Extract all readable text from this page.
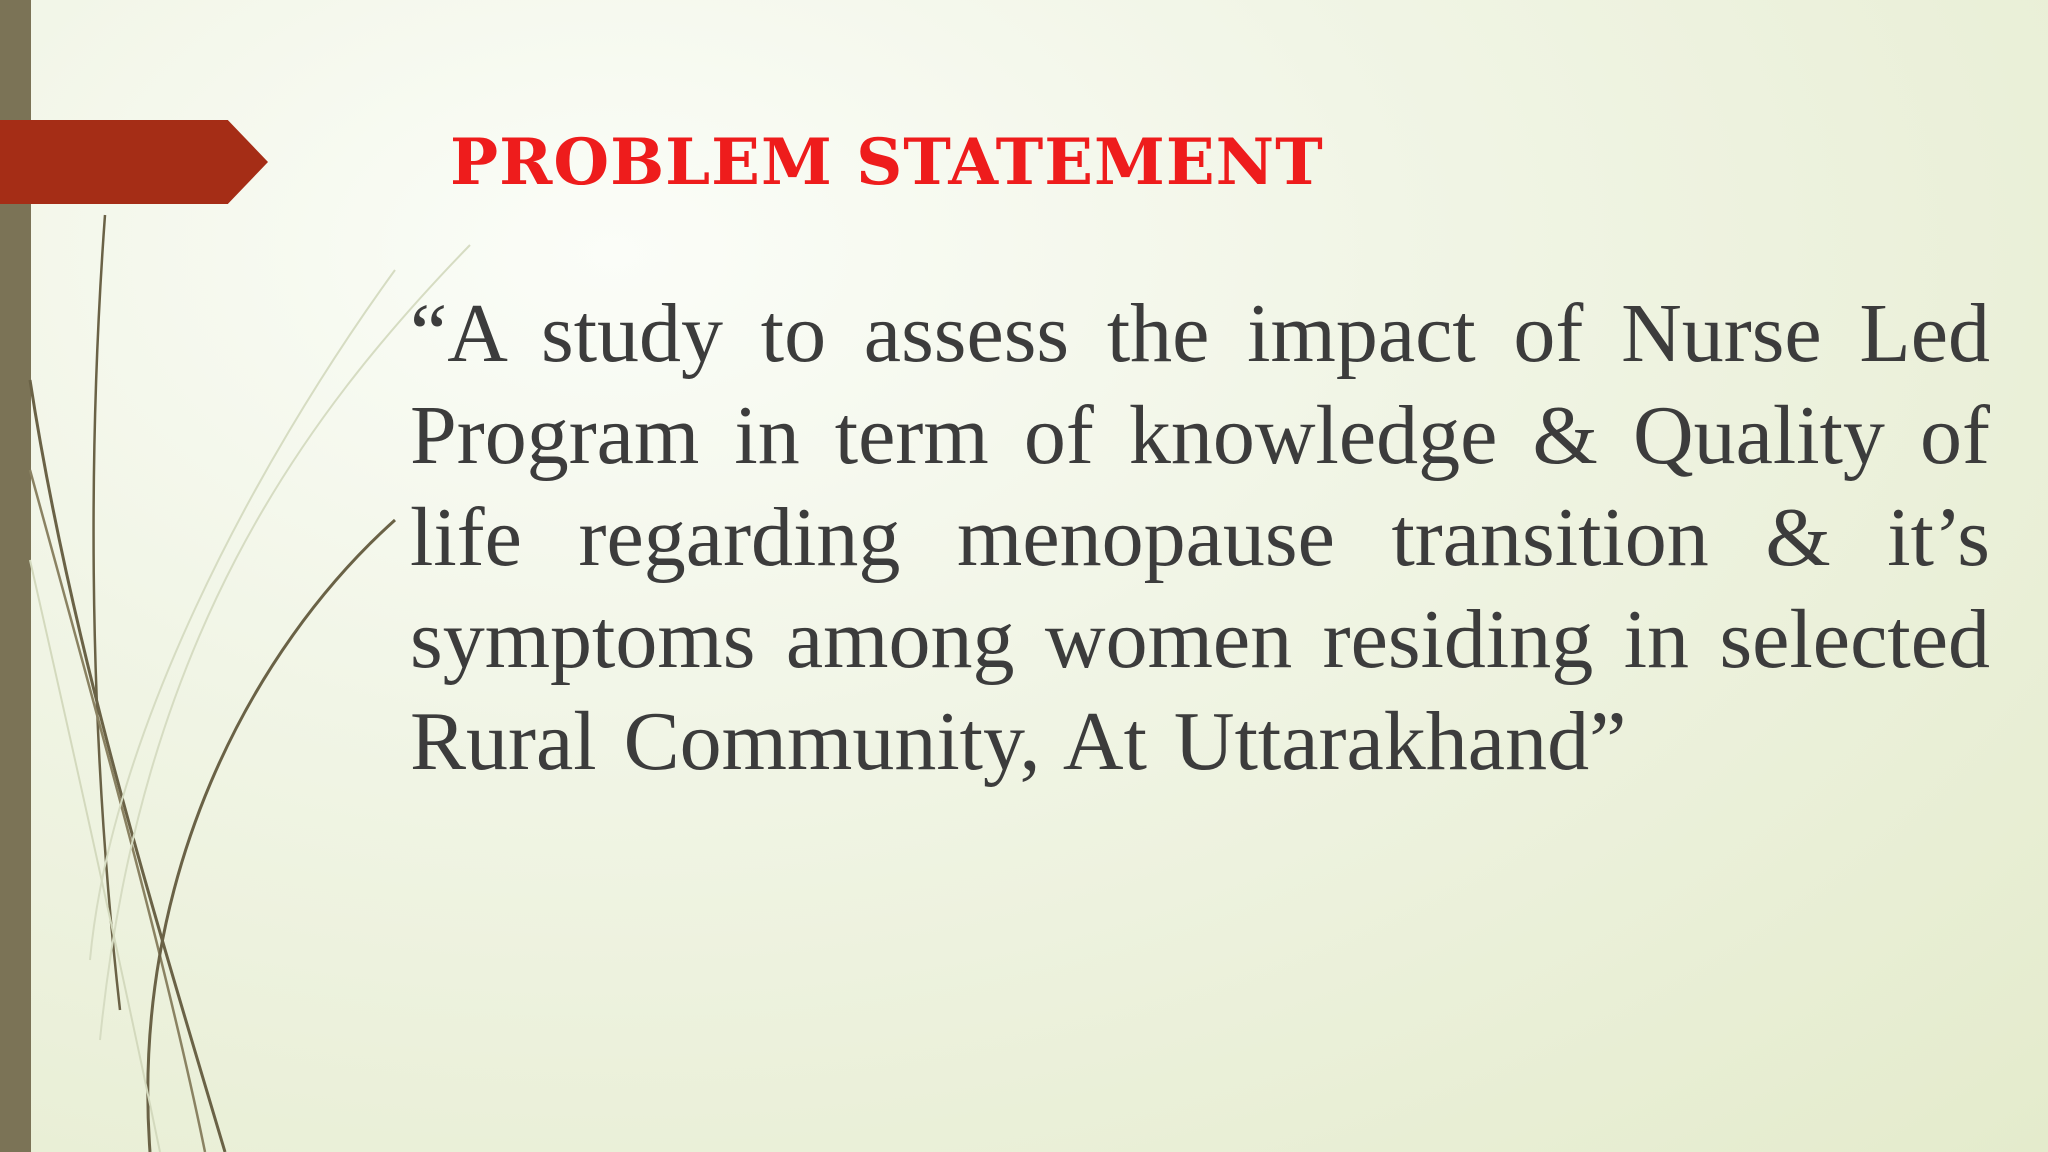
PROBLEM STATEMENT

“A study to assess the impact of Nurse Led Program in term of knowledge & Quality of life regarding menopause transition & it’s symptoms among women residing in selected Rural Community, At Uttarakhand”
